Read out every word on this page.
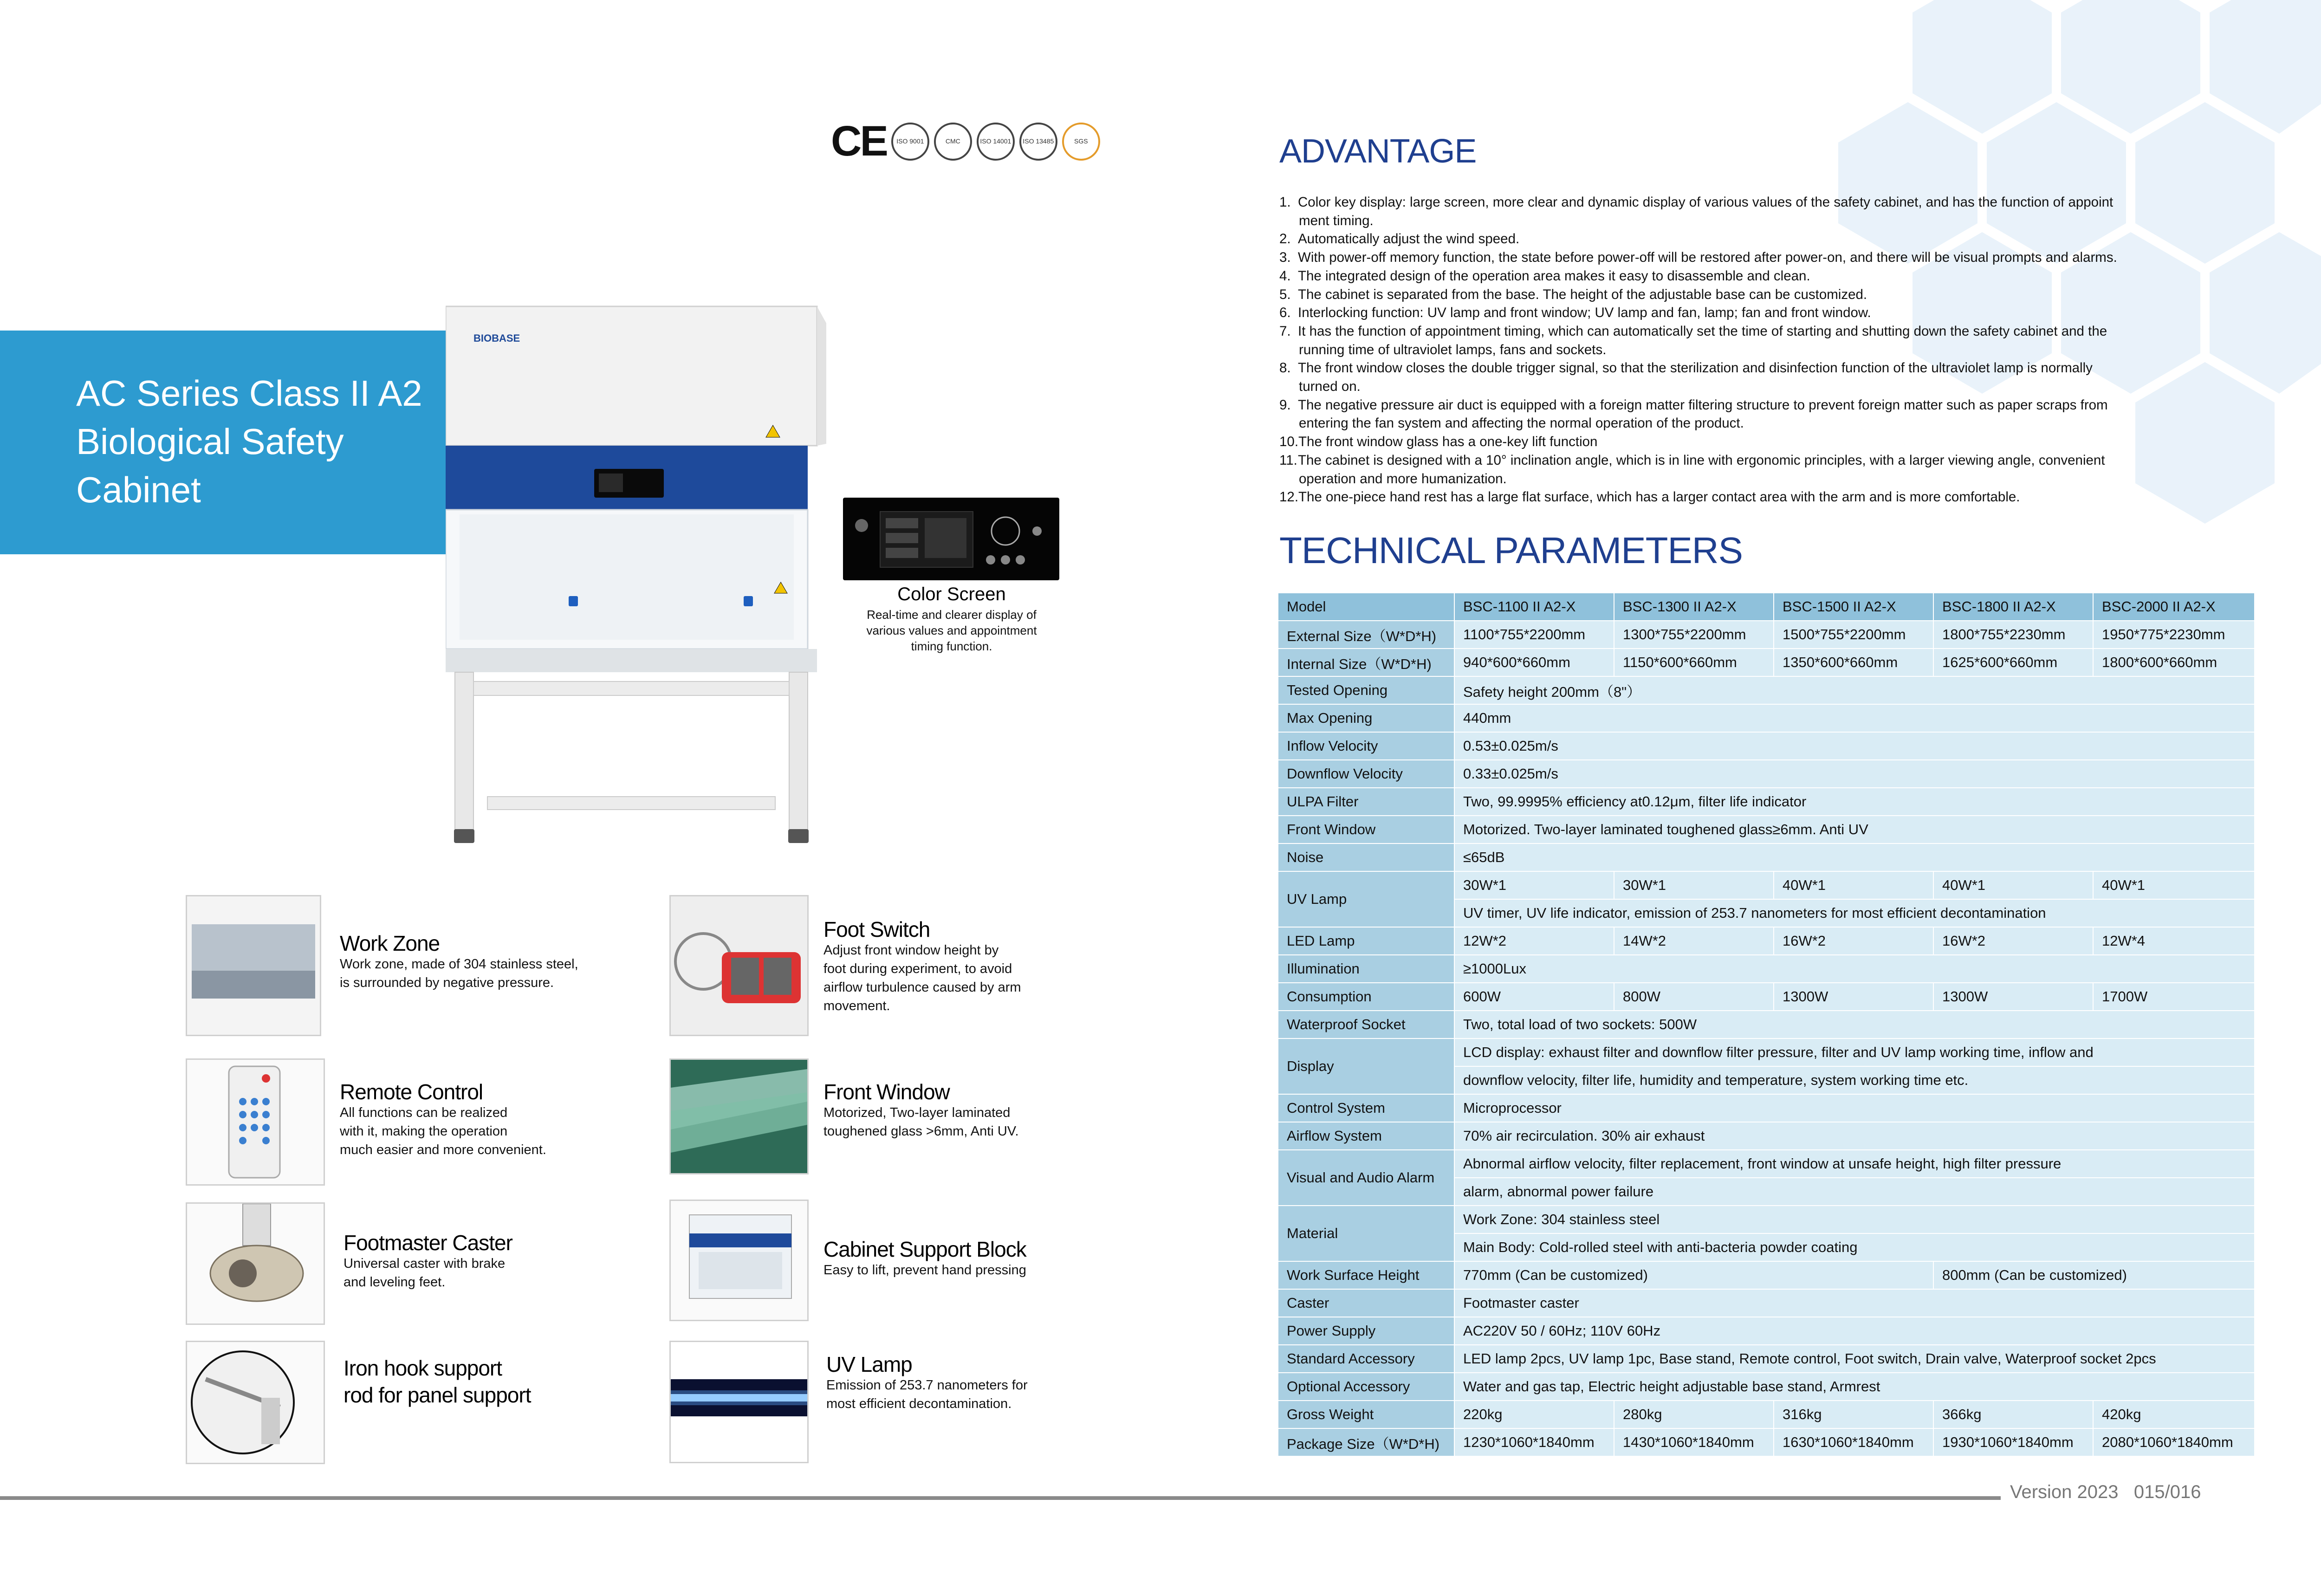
CE	ISO 9001	CMC	ISO 14001	ISO 13485	SGS
AC Series Class II A2
Biological Safety
Cabinet
BIOBASE
Color Screen

Real-time and clearer display of various values and appointment timing function.

Work Zone

Work zone, made of 304 stainless steel,
is surrounded by negative pressure.

Remote Control

All functions can be realized
with it, making the operation
much easier and more convenient.

Footmaster Caster

Universal caster with brake
and leveling feet.

Iron hook support
rod for panel support
Foot Switch

Adjust front window height by
foot during experiment, to avoid
airflow turbulence caused by arm
movement.

Front Window

Motorized, Two-layer laminated
toughened glass >6mm, Anti UV.

Cabinet Support Block

Easy to lift, prevent hand pressing

UV Lamp

Emission of 253.7 nanometers for
most efficient decontamination.

ADVANTAGE
1. Color key display: large screen, more clear and dynamic display of various values of the safety cabinet, and has the function of appoint
ment timing.
2. Automatically adjust the wind speed.
3. With power-off memory function, the state before power-off will be restored after power-on, and there will be visual prompts and alarms.
4. The integrated design of the operation area makes it easy to disassemble and clean.
5. The cabinet is separated from the base. The height of the adjustable base can be customized.
6. Interlocking function: UV lamp and front window; UV lamp and fan, lamp; fan and front window.
7. It has the function of appointment timing, which can automatically set the time of starting and shutting down the safety cabinet and the
running time of ultraviolet lamps, fans and sockets.
8. The front window closes the double trigger signal, so that the sterilization and disinfection function of the ultraviolet lamp is normally
turned on.
9. The negative pressure air duct is equipped with a foreign matter filtering structure to prevent foreign matter such as paper scraps from
entering the fan system and affecting the normal operation of the product.
10.The front window glass has a one-key lift function
11.The cabinet is designed with a 10° inclination angle, which is in line with ergonomic principles, with a larger viewing angle, convenient
operation and more humanization.
12.The one-piece hand rest has a large flat surface, which has a larger contact area with the arm and is more comfortable.
TECHNICAL PARAMETERS
Model	BSC-1100 II A2-X	BSC-1300 II A2-X	BSC-1500 II A2-X	BSC-1800 II A2-X	BSC-2000 II A2-X
External Size（W*D*H)	1100*755*2200mm	1300*755*2200mm	1500*755*2200mm	1800*755*2230mm	1950*775*2230mm
Internal Size（W*D*H)	940*600*660mm	1150*600*660mm	1350*600*660mm	1625*600*660mm	1800*600*660mm
Tested Opening	Safety height 200mm（8"）				
Max Opening	440mm				
Inflow Velocity	0.53±0.025m/s				
Downflow Velocity	0.33±0.025m/s				
ULPA Filter	Two, 99.9995% efficiency at0.12μm, filter life indicator				
Front Window	Motorized. Two-layer laminated toughened glass≥6mm. Anti UV				
Noise	≤65dB				
UV Lamp	30W*1	30W*1	40W*1	40W*1	40W*1
	UV timer, UV life indicator, emission of 253.7 nanometers for most efficient decontamination				
LED Lamp	12W*2	14W*2	16W*2	16W*2	12W*4
Illumination	≥1000Lux				
Consumption	600W	800W	1300W	1300W	1700W
Waterproof Socket	Two, total load of two sockets: 500W				
Display	LCD display: exhaust filter and downflow filter pressure, filter and UV lamp working time, inflow and				
	downflow velocity, filter life, humidity and temperature, system working time etc.				
Control System	Microprocessor				
Airflow System	70% air recirculation. 30% air exhaust				
Visual and Audio Alarm	Abnormal airflow velocity, filter replacement, front window at unsafe height, high filter pressure				
	alarm, abnormal power failure				
Material	Work Zone: 304 stainless steel				
	Main Body: Cold-rolled steel with anti-bacteria powder coating				
Work Surface Height	770mm (Can be customized)			800mm (Can be customized)	
Caster	Footmaster caster				
Power Supply	AC220V 50 / 60Hz; 110V 60Hz				
Standard Accessory	LED lamp 2pcs, UV lamp 1pc, Base stand, Remote control, Foot switch, Drain valve, Waterproof socket 2pcs				
Optional Accessory	Water and gas tap, Electric height adjustable base stand, Armrest				
Gross Weight	220kg	280kg	316kg	366kg	420kg
Package Size（W*D*H)	1230*1060*1840mm	1430*1060*1840mm	1630*1060*1840mm	1930*1060*1840mm	2080*1060*1840mm
Version 2023 015/016
